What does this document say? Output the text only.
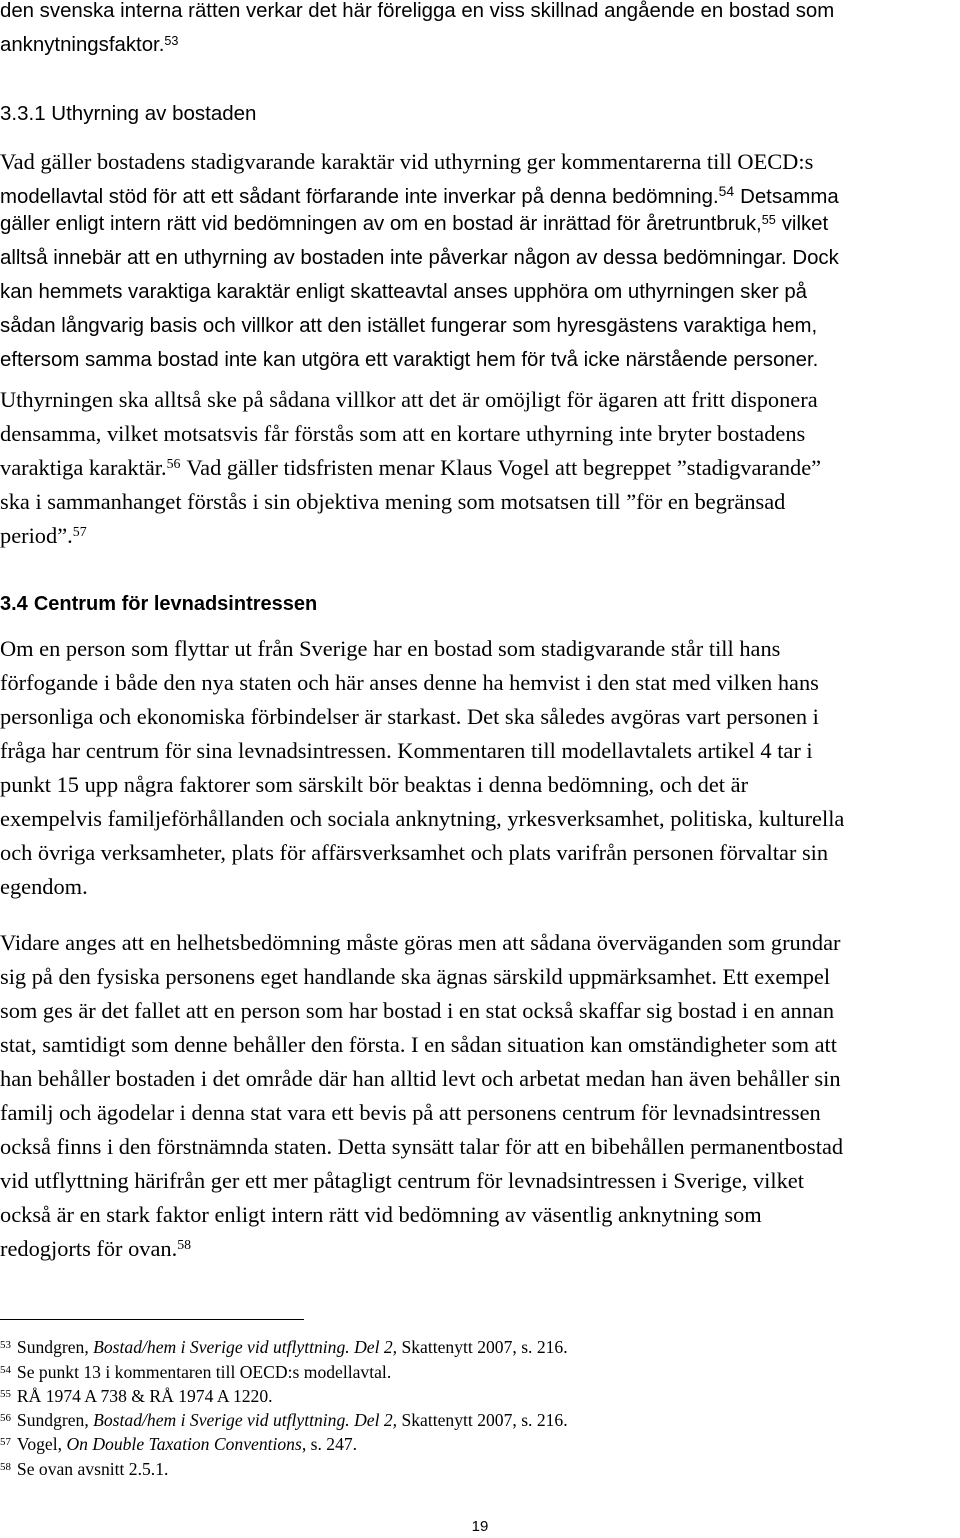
den svenska interna rätten verkar det här föreligga en viss skillnad angående en bostad som
anknytningsfaktor.$^{53}$
3.3.1 Uthyrning av bostaden
Vad gäller bostadens stadigvarande karaktär vid uthyrning ger kommentarerna till OECD:s
modellavtal stöd för att ett sådant förfarande inte inverkar på denna bedömning.$^{54}$ Detsamma
gäller enligt intern rätt vid bedömningen av om en bostad är inrättad för åretruntbruk,$^{55}$ vilket
alltså innebär att en uthyrning av bostaden inte påverkar någon av dessa bedömningar. Dock
kan hemmets varaktiga karaktär enligt skatteavtal anses upphöra om uthyrningen sker på
sådan långvarig basis och villkor att den istället fungerar som hyresgästens varaktiga hem,
eftersom samma bostad inte kan utgöra ett varaktigt hem för två icke närstående personer.
Uthyrningen ska alltså ske på sådana villkor att det är omöjligt för ägaren att fritt disponera
densamma, vilket motsatsvis får förstås som att en kortare uthyrning inte bryter bostadens
varaktiga karaktär.$^{56}$ Vad gäller tidsfristen menar Klaus Vogel att begreppet ”stadigvarande”
ska i sammanhanget förstås i sin objektiva mening som motsatsen till ”för en begränsad
period”.$^{57}$
3.4 Centrum för levnadsintressen
Om en person som flyttar ut från Sverige har en bostad som stadigvarande står till hans
förfogande i både den nya staten och här anses denne ha hemvist i den stat med vilken hans
personliga och ekonomiska förbindelser är starkast. Det ska således avgöras vart personen i
fråga har centrum för sina levnadsintressen. Kommentaren till modellavtalets artikel 4 tar i
punkt 15 upp några faktorer som särskilt bör beaktas i denna bedömning, och det är
exempelvis familjeförhållanden och sociala anknytning, yrkesverksamhet, politiska, kulturella
och övriga verksamheter, plats för affärsverksamhet och plats varifrån personen förvaltar sin
egendom.
Vidare anges att en helhetsbedömning måste göras men att sådana överväganden som grundar
sig på den fysiska personens eget handlande ska ägnas särskild uppmärksamhet. Ett exempel
som ges är det fallet att en person som har bostad i en stat också skaffar sig bostad i en annan
stat, samtidigt som denne behåller den första. I en sådan situation kan omständigheter som att
han behåller bostaden i det område där han alltid levt och arbetat medan han även behåller sin
familj och ägodelar i denna stat vara ett bevis på att personens centrum för levnadsintressen
också finns i den förstnämnda staten. Detta synsätt talar för att en bibehållen permanentbostad
vid utflyttning härifrån ger ett mer påtagligt centrum för levnadsintressen i Sverige, vilket
också är en stark faktor enligt intern rätt vid bedömning av väsentlig anknytning som
redogjorts för ovan.$^{58}$
$^{53}$ Sundgren, Bostad/hem i Sverige vid utflyttning. Del 2, Skattenytt 2007, s. 216.
$^{54}$ Se punkt 13 i kommentaren till OECD:s modellavtal.
$^{55}$ RÅ 1974 A 738 & RÅ 1974 A 1220.
$^{56}$ Sundgren, Bostad/hem i Sverige vid utflyttning. Del 2, Skattenytt 2007, s. 216.
$^{57}$ Vogel, On Double Taxation Conventions, s. 247.
$^{58}$ Se ovan avsnitt 2.5.1.
19
